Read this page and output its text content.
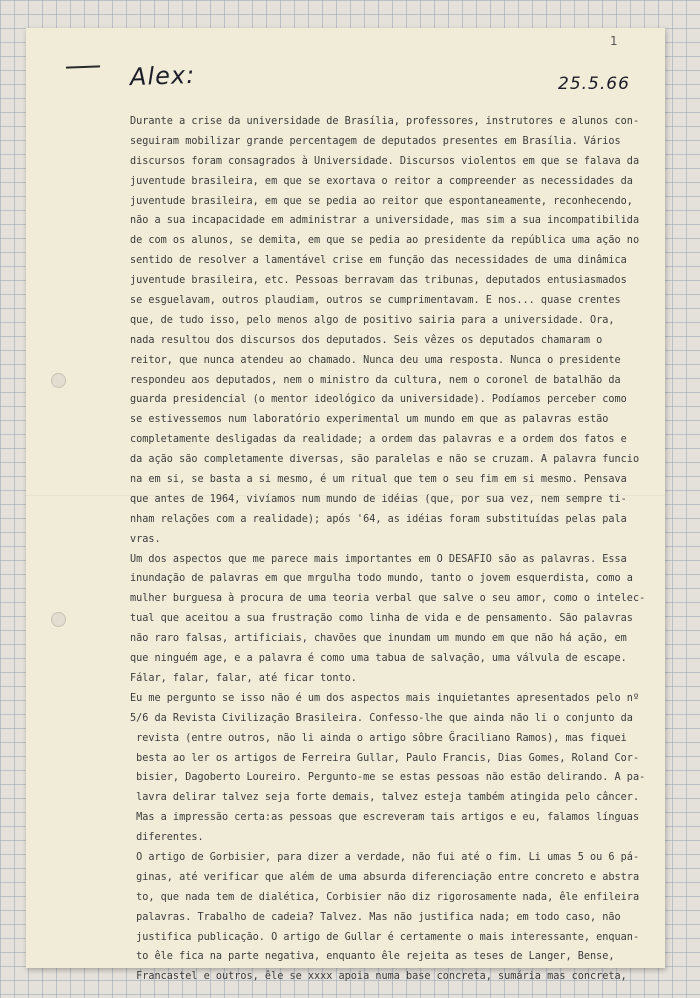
1
Alex:	25.5.66
Durante a crise da universidade de Brasília, professores, instrutores e alunos con-
seguiram mobilizar grande percentagem de deputados presentes em Brasília. Vários
discursos foram consagrados à Universidade. Discursos violentos em que se falava da
juventude brasileira, em que se exortava o reitor a compreender as necessidades da
juventude brasileira, em que se pedia ao reitor que espontaneamente, reconhecendo,
não a sua incapacidade em administrar a universidade, mas sim a sua incompatibilida
de com os alunos, se demita, em que se pedia ao presidente da república uma ação no
sentido de resolver a lamentável crise em função das necessidades de uma dinâmica
juventude brasileira, etc. Pessoas berravam das tribunas, deputados entusiasmados
se esguelavam, outros plaudiam, outros se cumprimentavam. E nos... quase crentes
que, de tudo isso, pelo menos algo de positivo sairia para a universidade. Ora,
nada resultou dos discursos dos deputados. Seis vêzes os deputados chamaram o
reitor, que nunca atendeu ao chamado. Nunca deu uma resposta. Nunca o presidente
respondeu aos deputados, nem o ministro da cultura, nem o coronel de batalhão da
guarda presidencial (o mentor ideológico da universidade). Podíamos perceber como
se estivessemos num laboratório experimental um mundo em que as palavras estão
completamente desligadas da realidade; a ordem das palavras e a ordem dos fatos e
da ação são completamente diversas, são paralelas e não se cruzam. A palavra funcio
na em si, se basta a si mesmo, é um ritual que tem o seu fim em si mesmo. Pensava
que antes de 1964, vivíamos num mundo de idéias (que, por sua vez, nem sempre ti-
nham relações com a realidade); após '64, as idéias foram substituídas pelas pala
vras.
Um dos aspectos que me parece mais importantes em O DESAFIO são as palavras. Essa
inundação de palavras em que mrgulha todo mundo, tanto o jovem esquerdista, como a
mulher burguesa à procura de uma teoria verbal que salve o seu amor, como o intelec-
tual que aceitou a sua frustração como linha de vida e de pensamento. São palavras
não raro falsas, artificiais, chavões que inundam um mundo em que não há ação, em
que ninguém age, e a palavra é como uma tabua de salvação, uma válvula de escape.
Fálar, falar, falar, até ficar tonto.
Eu me pergunto se isso não é um dos aspectos mais inquietantes apresentados pelo nº
5/6 da Revista Civilização Brasileira. Confesso-lhe que ainda não li o conjunto da
revista (entre outros, não li ainda o artigo sôbre G̈raciliano Ramos), mas fiquei
besta ao ler os artigos de Ferreira Gullar, Paulo Francis, Dias Gomes, Roland Cor-
bisier, Dagoberto Loureiro. Pergunto-me se estas pessoas não estão delirando. A pa-
lavra delirar talvez seja forte demais, talvez esteja também atingida pelo câncer.
Mas a impressão certa:as pessoas que escreveram tais artigos e eu, falamos línguas
diferentes.
O artigo de Gorbisier, para dizer a verdade, não fui até o fim. Li umas 5 ou 6 pá-
ginas, até verificar que além de uma absurda diferenciação entre concreto e abstra
to, que nada tem de dialética, Corbisier não diz rigorosamente nada, êle enfileira
palavras. Trabalho de cadeia? Talvez. Mas não justifica nada; em todo caso, não
justifica publicação. O artigo de Gullar é certamente o mais interessante, enquan-
to êle fica na parte negativa, enquanto êle rejeita as teses de Langer, Bense,
Francastel e outros, êle se xxxx apoia numa base concreta, sumária mas concreta,
